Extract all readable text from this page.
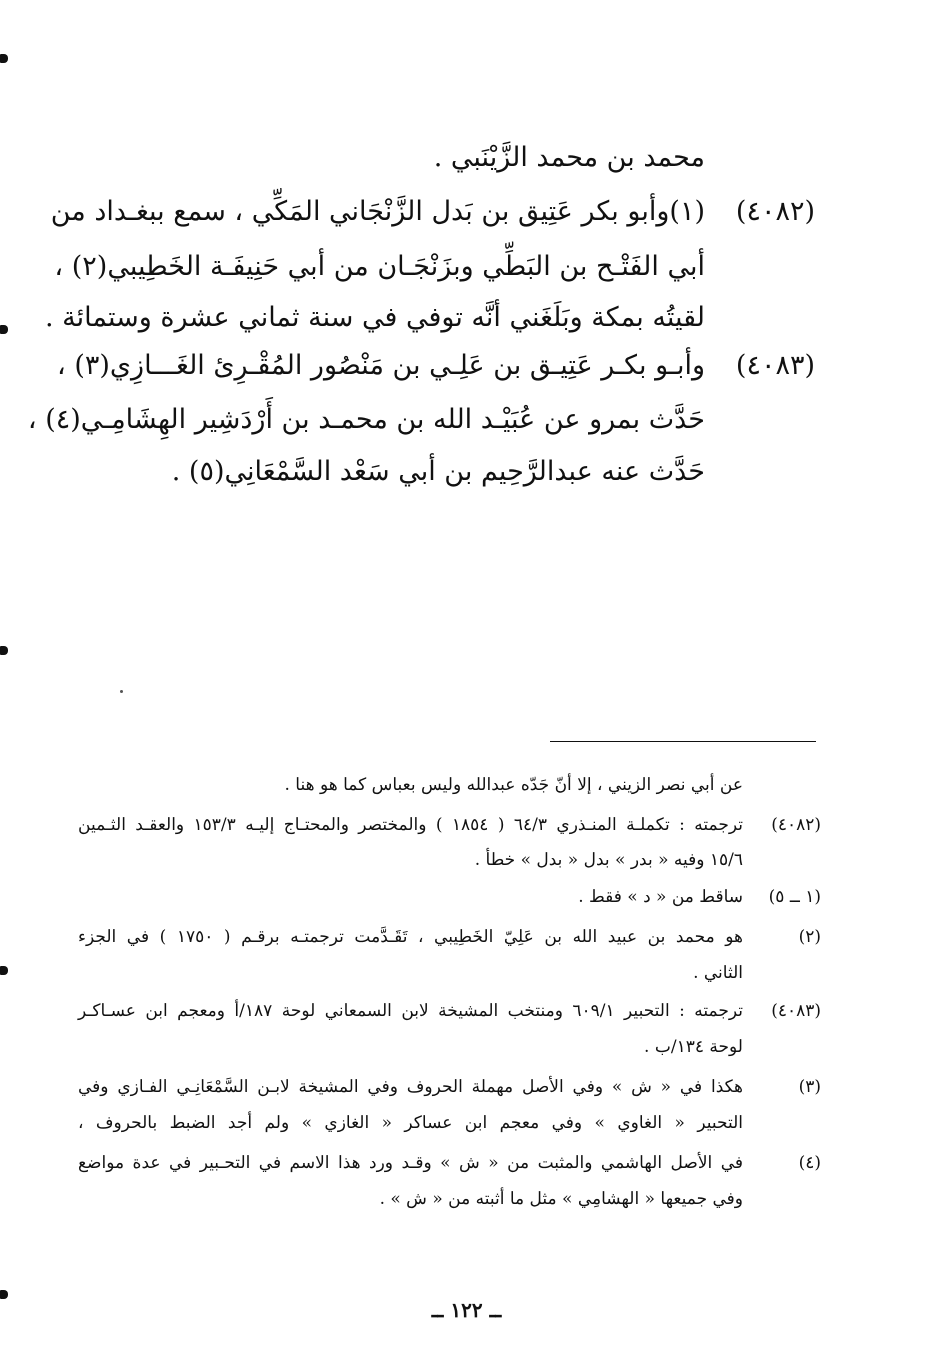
محمد بن محمد الزَّيْنَبي .
(٤٠٨٢)
(١)وأبو بكر عَتِيق بن بَدل الزَّنْجَاني المَكِّي ، سمع ببغـداد من
أبي الفَتْـح بن البَطِّي وبزَنْجَـان من أبي حَنِيفَـة الخَطِيبي(٢) ،
لقيتُه بمكة وبَلَغَني أنَّه توفي في سنة ثماني عشرة وستمائة .
(٤٠٨٣)
وأبـو بكـر عَتِيـق بن عَلِـي بن مَنْصُور المُقْـرِئ الغَـــازِي(٣) ،
حَدَّث بمرو عن عُبَيْـد الله بن محمـد بن أَرْدَشِير الهِشَامِـي(٤) ،
حَدَّث عنه عبدالرَّحِيم بن أبي سَعْد السَّمْعَانِي(٥) .
عن أبي نصر الزيني ، إلا أنّ جَدّه عبدالله وليس بعباس كما هو هنا .
(٤٠٨٢)
ترجمته : تكملـة المنـذري ٦٤/٣ ( ١٨٥٤ ) والمختصر والمحتـاج إليـه ١٥٣/٣ والعقـد الثـمين
١٥/٦ وفيه « بدر » بدل « بدل » خطأ .
(١ ــ ٥)
ساقط من « د » فقط .
(٢)
هو محمد بن عبيد الله بن عَلِيّ الخَطِيبي ، تَقَـدَّمت ترجمتـه برقـم ( ١٧٥٠ ) في الجزء
الثاني .
(٤٠٨٣)
ترجمته : التحبير ٦٠٩/١ ومنتخب المشيخة لابن السمعاني لوحة ١٨٧/أ ومعجم ابن عسـاكـر
لوحة ١٣٤/ب .
(٣)
هكذا في « ش » وفي الأصل مهملة الحروف وفي المشيخة لابـن السَّمْعَانِـي الفـازي وفي
التحبير « الغاوي » وفي معجم ابن عساكر « الغازي » ولم أجد الضبط بالحروف ،
(٤)
في الأصل الهاشمي والمثبت من « ش » وقـد ورد هذا الاسم في التحـبير في عدة مواضع
وفي جميعها « الهشامِي » مثل ما أثبته من « ش » .
ــ ١٢٢ ــ
